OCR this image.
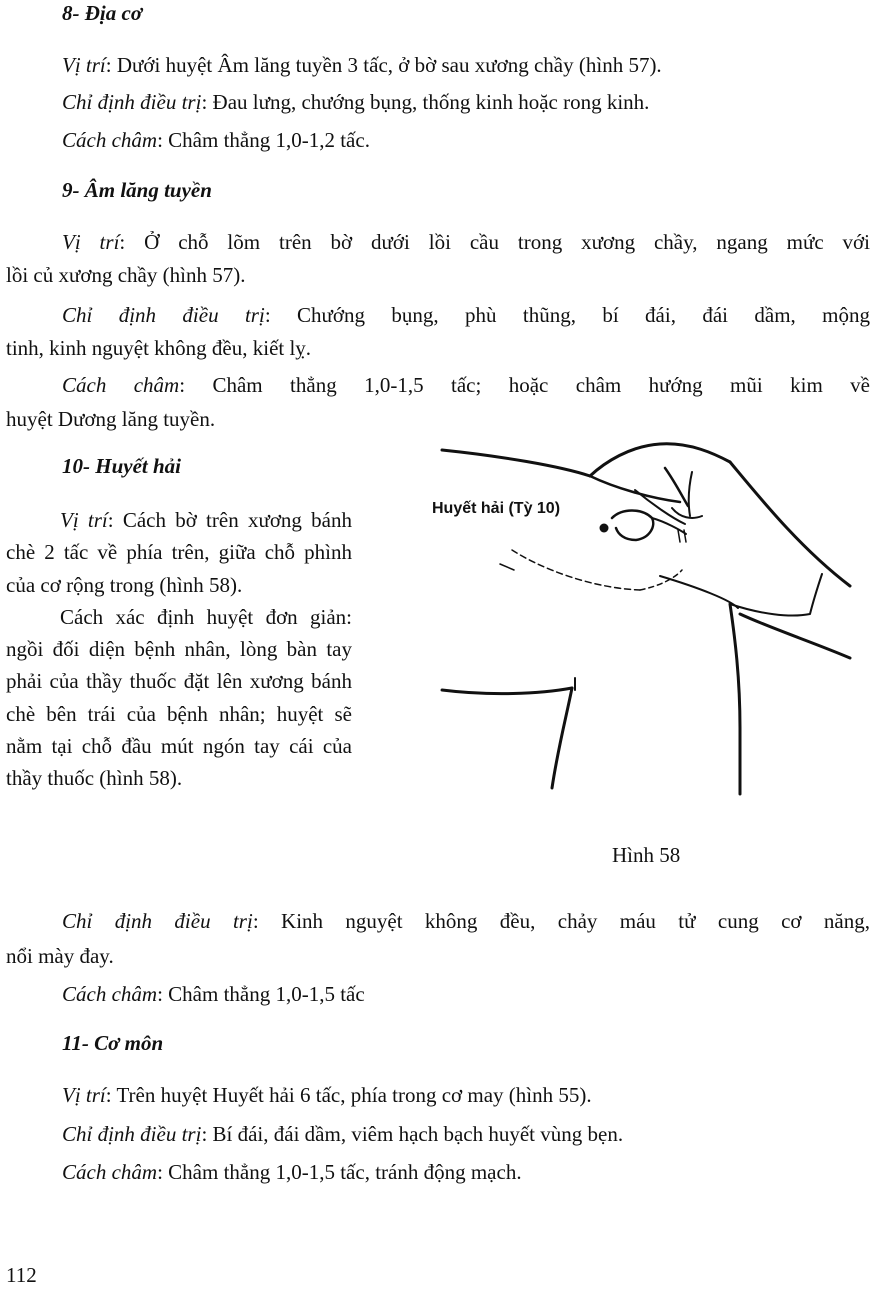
8- Địa cơ
Vị trí: Dưới huyệt Âm lăng tuyền 3 tấc, ở bờ sau xương chầy (hình 57).
Chỉ định điều trị: Đau lưng, chướng bụng, thống kinh hoặc rong kinh.
Cách châm: Châm thẳng 1,0-1,2 tấc.
9- Âm lăng tuyền
Vị trí: Ở chỗ lõm trên bờ dưới lồi cầu trong xương chầy, ngang mức với
lồi củ xương chầy (hình 57).
Chỉ định điều trị: Chướng bụng, phù thũng, bí đái, đái dầm, mộng
tinh, kinh nguyệt không đều, kiết lỵ.
Cách châm: Châm thẳng 1,0-1,5 tấc; hoặc châm hướng mũi kim về
huyệt Dương lăng tuyền.
10- Huyết hải

Vị trí: Cách bờ trên xương bánh chè 2 tấc về phía trên, giữa chỗ phình của cơ rộng trong (hình 58).

Cách xác định huyệt đơn giản: ngồi đối diện bệnh nhân, lòng bàn tay phải của thầy thuốc đặt lên xương bánh chè bên trái của bệnh nhân; huyệt sẽ nằm tại chỗ đầu mút ngón tay cái của thầy thuốc (hình 58).

Huyết hải (Tỳ 10)
Hình 58
Chỉ định điều trị: Kinh nguyệt không đều, chảy máu tử cung cơ năng,
nổi mày đay.
Cách châm: Châm thẳng 1,0-1,5 tấc
11- Cơ môn
Vị trí: Trên huyệt Huyết hải 6 tấc, phía trong cơ may (hình 55).
Chỉ định điều trị: Bí đái, đái dầm, viêm hạch bạch huyết vùng bẹn.
Cách châm: Châm thẳng 1,0-1,5 tấc, tránh động mạch.
112
